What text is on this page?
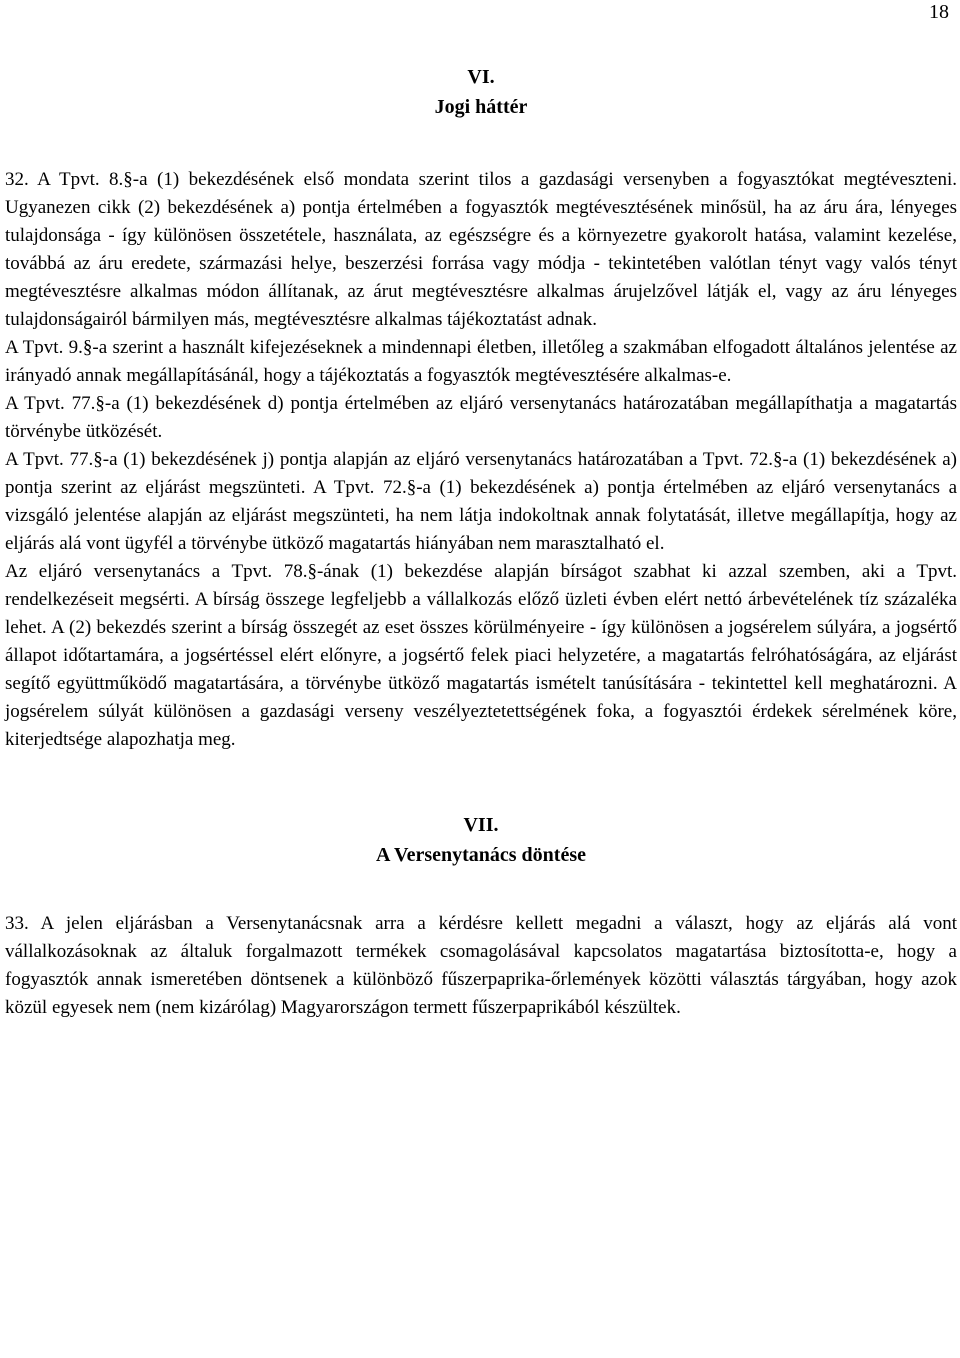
18
VI.
Jogi háttér

32. A Tpvt. 8.§-a (1) bekezdésének első mondata szerint tilos a gazdasági versenyben a fogyasztókat megtéveszteni. Ugyanezen cikk (2) bekezdésének a) pontja értelmében a fogyasztók megtévesztésének minősül, ha az áru ára, lényeges tulajdonsága - így különösen összetétele, használata, az egészségre és a környezetre gyakorolt hatása, valamint kezelése, továbbá az áru eredete, származási helye, beszerzési forrása vagy módja - tekintetében valótlan tényt vagy valós tényt megtévesztésre alkalmas módon állítanak, az árut megtévesztésre alkalmas árujelzővel látják el, vagy az áru lényeges tulajdonságairól bármilyen más, megtévesztésre alkalmas tájékoztatást adnak.

A Tpvt. 9.§-a szerint a használt kifejezéseknek a mindennapi életben, illetőleg a szakmában elfogadott általános jelentése az irányadó annak megállapításánál, hogy a tájékoztatás a fogyasztók megtévesztésére alkalmas-e.

A Tpvt. 77.§-a (1) bekezdésének d) pontja értelmében az eljáró versenytanács határozatában megállapíthatja a magatartás törvénybe ütközését.

A Tpvt. 77.§-a (1) bekezdésének j) pontja alapján az eljáró versenytanács határozatában a Tpvt. 72.§-a (1) bekezdésének a) pontja szerint az eljárást megszünteti. A Tpvt. 72.§-a (1) bekezdésének a) pontja értelmében az eljáró versenytanács a vizsgáló jelentése alapján az eljárást megszünteti, ha nem látja indokoltnak annak folytatását, illetve megállapítja, hogy az eljárás alá vont ügyfél a törvénybe ütköző magatartás hiányában nem marasztalható el.

Az eljáró versenytanács a Tpvt. 78.§-ának (1) bekezdése alapján bírságot szabhat ki azzal szemben, aki a Tpvt. rendelkezéseit megsérti. A bírság összege legfeljebb a vállalkozás előző üzleti évben elért nettó árbevételének tíz százaléka lehet. A (2) bekezdés szerint a bírság összegét az eset összes körülményeire - így különösen a jogsérelem súlyára, a jogsértő állapot időtartamára, a jogsértéssel elért előnyre, a jogsértő felek piaci helyzetére, a magatartás felróhatóságára, az eljárást segítő együttműködő magatartására, a törvénybe ütköző magatartás ismételt tanúsítására - tekintettel kell meghatározni. A jogsérelem súlyát különösen a gazdasági verseny veszélyeztetettségének foka, a fogyasztói érdekek sérelmének köre, kiterjedtsége alapozhatja meg.

VII.
A Versenytanács döntése

33. A jelen eljárásban a Versenytanácsnak arra a kérdésre kellett megadni a választ, hogy az eljárás alá vont vállalkozásoknak az általuk forgalmazott termékek csomagolásával kapcsolatos magatartása biztosította-e, hogy a fogyasztók annak ismeretében döntsenek a különböző fűszerpaprika-őrlemények közötti választás tárgyában, hogy azok közül egyesek nem (nem kizárólag) Magyarországon termett fűszerpaprikából készültek.
